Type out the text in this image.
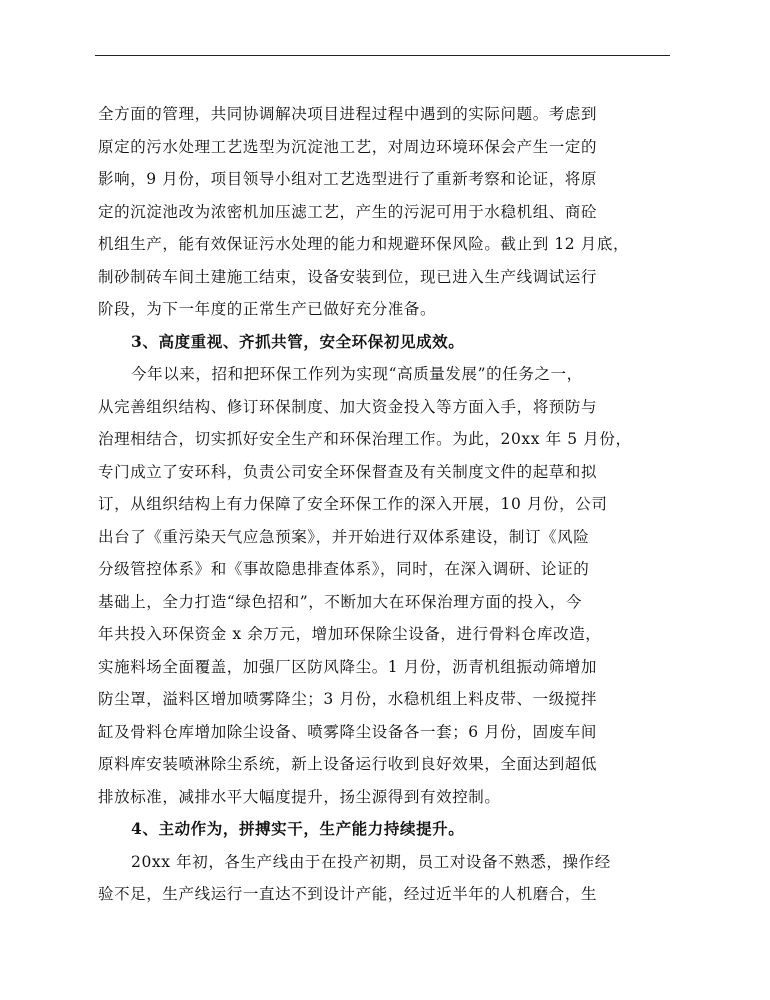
全方面的管理，共同协调解决项目进程过程中遇到的实际问题。考虑到
原定的污水处理工艺选型为沉淀池工艺，对周边环境环保会产生一定的
影响，9 月份，项目领导小组对工艺选型进行了重新考察和论证，将原
定的沉淀池改为浓密机加压滤工艺，产生的污泥可用于水稳机组、商砼
机组生产，能有效保证污水处理的能力和规避环保风险。截止到 12 月底，
制砂制砖车间土建施工结束，设备安装到位，现已进入生产线调试运行
阶段，为下一年度的正常生产已做好充分准备。
3、高度重视、齐抓共管，安全环保初见成效。
今年以来，招和把环保工作列为实现“高质量发展”的任务之一，
从完善组织结构、修订环保制度、加大资金投入等方面入手，将预防与
治理相结合，切实抓好安全生产和环保治理工作。为此，20xx 年 5 月份，
专门成立了安环科，负责公司安全环保督查及有关制度文件的起草和拟
订，从组织结构上有力保障了安全环保工作的深入开展，10 月份，公司
出台了《重污染天气应急预案》，并开始进行双体系建设，制订《风险
分级管控体系》和《事故隐患排查体系》，同时，在深入调研、论证的
基础上，全力打造“绿色招和”，不断加大在环保治理方面的投入，今
年共投入环保资金 x 余万元，增加环保除尘设备，进行骨料仓库改造，
实施料场全面覆盖，加强厂区防风降尘。1 月份，沥青机组振动筛增加
防尘罩，溢料区增加喷雾降尘；3 月份，水稳机组上料皮带、一级搅拌
缸及骨料仓库增加除尘设备、喷雾降尘设备各一套；6 月份，固废车间
原料库安装喷淋除尘系统，新上设备运行收到良好效果，全面达到超低
排放标准，减排水平大幅度提升，扬尘源得到有效控制。
4、主动作为，拼搏实干，生产能力持续提升。
20xx 年初，各生产线由于在投产初期，员工对设备不熟悉，操作经
验不足，生产线运行一直达不到设计产能，经过近半年的人机磨合，生
